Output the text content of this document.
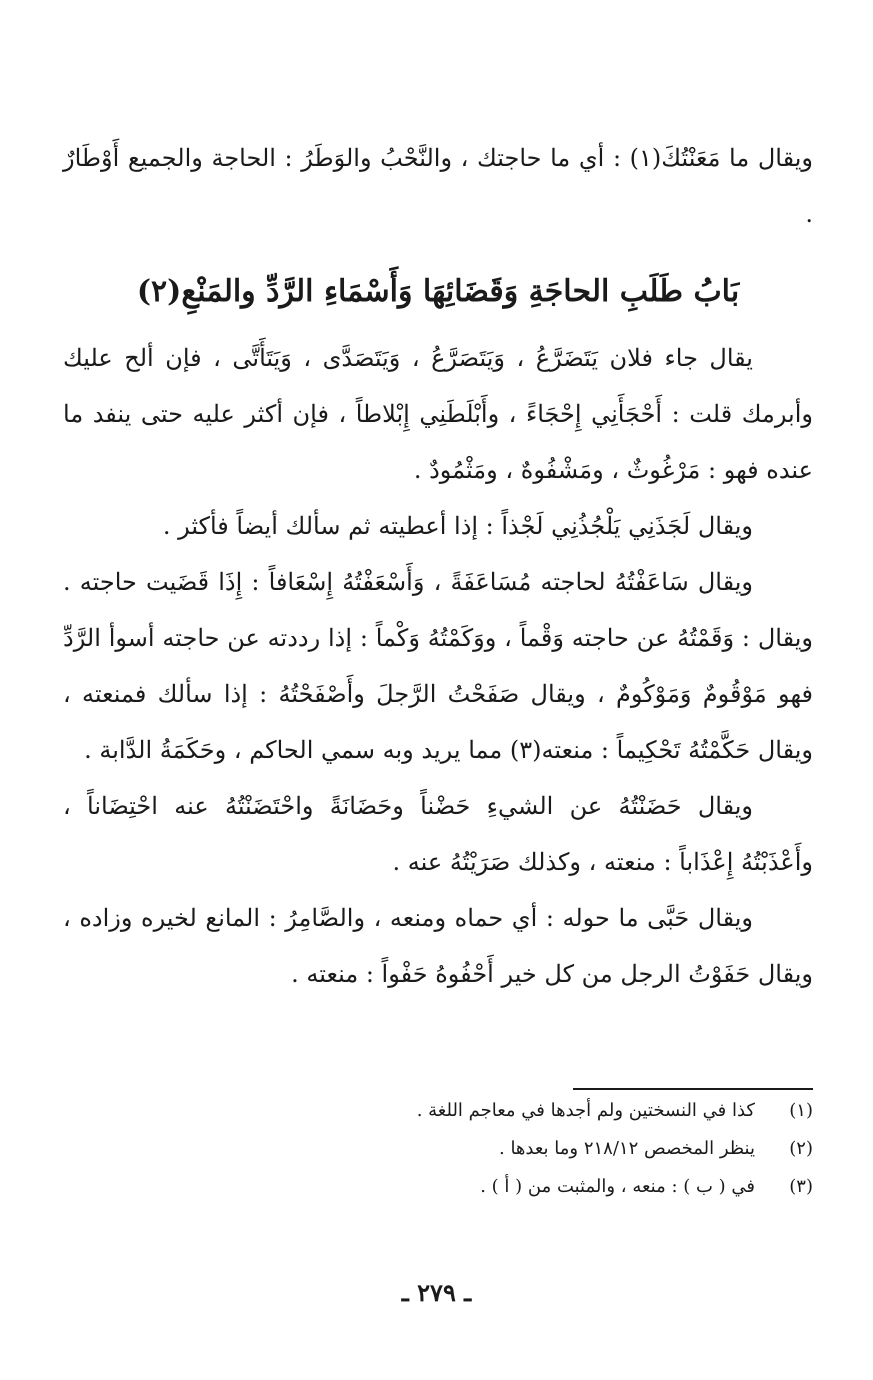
ويقال ما مَعَنْتُكَ(١) : أي ما حاجتك ، والنَّحْبُ والوَطَرُ : الحاجة والجميع أَوْطَارٌ .

بَابُ طَلَبِ الحاجَةِ وَقَضَائِهَا وَأَسْمَاءِ الرَّدِّ والمَنْعِ(٢)

يقال جاء فلان يَتَضَرَّعُ ، وَيَتَصَرَّعُ ، وَيَتَصَدَّى ، وَيَتَأَتَّى ، فإن ألح عليك وأبرمك قلت : أَحْجَأَنِي إِحْجَاءً ، وأَبْلَطَنِي إِبْلاطاً ، فإن أكثر عليه حتى ينفد ما عنده فهو : مَرْغُوثٌ ، ومَشْفُوهٌ ، ومَثْمُودٌ .

ويقال لَجَذَنِي يَلْجُذُنِي لَجْذاً : إذا أعطيته ثم سألك أيضاً فأكثر .

ويقال سَاعَفْتُهُ لحاجته مُسَاعَفَةً ، وَأَسْعَفْتُهُ إِسْعَافاً : إِذَا قَضَيت حاجته . ويقال : وَقَمْتُهُ عن حاجته وَقْماً ، ووَكَمْتُهُ وَكْماً : إذا رددته عن حاجته أسوأ الرَّدِّ فهو مَوْقُومٌ وَمَوْكُومٌ ، ويقال صَفَحْتُ الرَّجلَ وأَصْفَحْتُهُ : إذا سألك فمنعته ، ويقال حَكَّمْتُهُ تَحْكِيماً : منعته(٣) مما يريد وبه سمي الحاكم ، وحَكَمَةُ الدَّابة .

ويقال حَضَنْتُهُ عن الشيءِ حَضْناً وحَضَانَةً واحْتَضَنْتُهُ عنه احْتِضَاناً ، وأَعْذَبْتُهُ إِعْذَاباً : منعته ، وكذلك صَرَيْتُهُ عنه .

ويقال حَبَّى ما حوله : أي حماه ومنعه ، والصَّامِرُ : المانع لخيره وزاده ، ويقال حَفَوْتُ الرجل من كل خير أَحْفُوهُ حَفْواً : منعته .

(١)
كذا في النسختين ولم أجدها في معاجم اللغة .
(٢)
ينظر المخصص ٢١٨/١٢ وما بعدها .
(٣)
في ( ب ) : منعه ، والمثبت من ( أ ) .
ـ ٢٧٩ ـ
